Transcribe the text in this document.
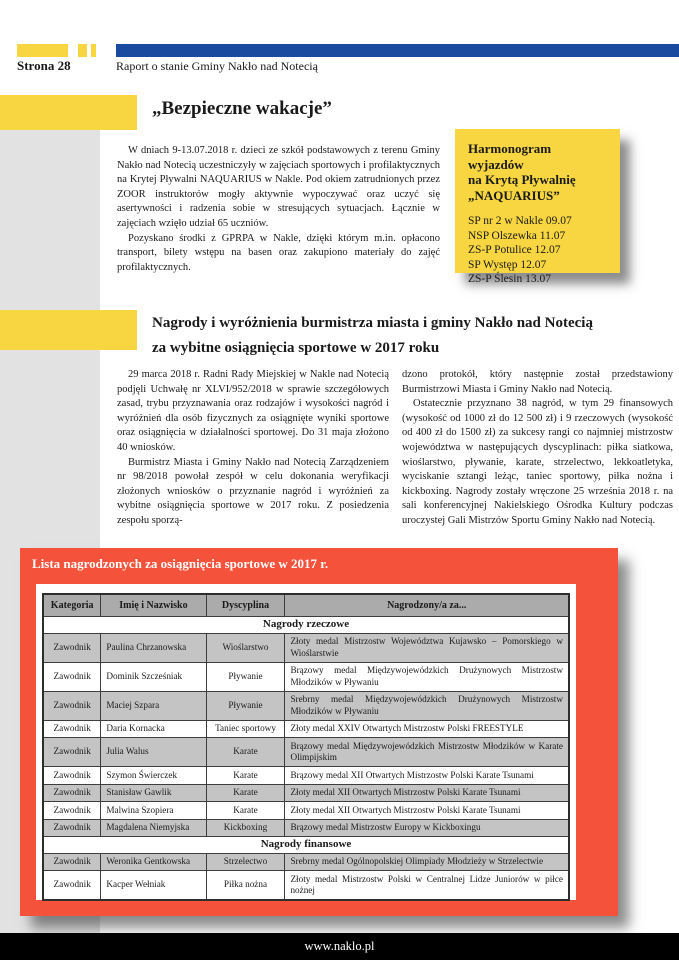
Strona 28	Raport o stanie Gminy Nakło nad Notecią
„Bezpieczne wakacje”

W dniach 9-13.07.2018 r. dzieci ze szkół podstawowych z terenu Gminy Nakło nad Notecią uczestniczyły w zajęciach sportowych i profilaktycznych na Krytej Pływalni NAQUARIUS w Nakle. Pod okiem zatrudnionych przez ZOOR instruktorów mogły aktywnie wypoczywać oraz uczyć się asertywności i radzenia sobie w stresujących sytuacjach. Łącznie w zajęciach wzięło udział 65 uczniów.

Pozyskano środki z GPRPA w Nakle, dzięki którym m.in. opłacono transport, bilety wstępu na basen oraz zakupiono materiały do zajęć profilaktycznych.

Harmonogram wyjazdów
na Krytą Pływalnię
„NAQUARIUS”
SP nr 2 w Nakle 09.07
NSP Olszewka 11.07
ZS-P Potulice 12.07
SP Występ 12.07
ZS-P Ślesin 13.07
Nagrody i wyróżnienia burmistrza miasta i gminy Nakło nad Notecią
za wybitne osiągnięcia sportowe w 2017 roku

29 marca 2018 r. Radni Rady Miejskiej w Nakle nad Notecią podjęli Uchwałę nr XLVI/952/2018 w sprawie szczegółowych zasad, trybu przyznawania oraz rodzajów i wysokości nagród i wyróżnień dla osób fizycznych za osiągnięte wyniki sportowe oraz osiągnięcia w działalności sportowej. Do 31 maja złożono 40 wniosków.

Burmistrz Miasta i Gminy Nakło nad Notecią Zarządzeniem nr 98/2018 powołał zespół w celu dokonania weryfikacji złożonych wniosków o przyznanie nagród i wyróżnień za wybitne osiągnięcia sportowe w 2017 roku. Z posiedzenia zespołu sporzą-

dzono protokół, który następnie został przedstawiony Burmistrzowi Miasta i Gminy Nakło nad Notecią.

Ostatecznie przyznano 38 nagród, w tym 29 finansowych (wysokość od 1000 zł do 12 500 zł) i 9 rzeczowych (wysokość od 400 zł do 1500 zł) za sukcesy rangi co najmniej mistrzostw województwa w następujących dyscyplinach: piłka siatkowa, wioślarstwo, pływanie, karate, strzelectwo, lekkoatletyka, wyciskanie sztangi leżąc, taniec sportowy, piłka nożna i kickboxing. Nagrody zostały wręczone 25 września 2018 r. na sali konferencyjnej Nakielskiego Ośrodka Kultury podczas uroczystej Gali Mistrzów Sportu Gminy Nakło nad Notecią.

Lista nagrodzonych za osiągnięcia sportowe w 2017 r.
Kategoria	Imię i Nazwisko	Dyscyplina	Nagrodzony/a za...
Nagrody rzeczowe			
Zawodnik	Paulina Chrzanowska	Wioślarstwo	Złoty medal Mistrzostw Województwa Kujawsko – Pomorskiego w Wioślarstwie
Zawodnik	Dominik Szcześniak	Pływanie	Brązowy medal Międzywojewódzkich Drużynowych Mistrzostw Młodzików w Pływaniu
Zawodnik	Maciej Szpara	Pływanie	Srebrny medal Międzywojewódzkich Drużynowych Mistrzostw Młodzików w Pływaniu
Zawodnik	Daria Kornacka	Taniec sportowy	Złoty medal XXIV Otwartych Mistrzostw Polski FREESTYLE
Zawodnik	Julia Walus	Karate	Brązowy medal Międzywojewódzkich Mistrzostw Młodzików w Karate Olimpijskim
Zawodnik	Szymon Świerczek	Karate	Brązowy medal XII Otwartych Mistrzostw Polski Karate Tsunami
Zawodnik	Stanisław Gawlik	Karate	Złoty medal XII Otwartych Mistrzostw Polski Karate Tsunami
Zawodnik	Malwina Szopiera	Karate	Złoty medal XII Otwartych Mistrzostw Polski Karate Tsunami
Zawodnik	Magdalena Niemyjska	Kickboxing	Brązowy medal Mistrzostw Europy w Kickboxingu
Nagrody finansowe			
Zawodnik	Weronika Gentkowska	Strzelectwo	Srebrny medal Ogólnopolskiej Olimpiady Młodzieży w Strzelectwie
Zawodnik	Kacper Wełniak	Piłka nożna	Złoty medal Mistrzostw Polski w Centralnej Lidze Juniorów w piłce nożnej
www.naklo.pl
